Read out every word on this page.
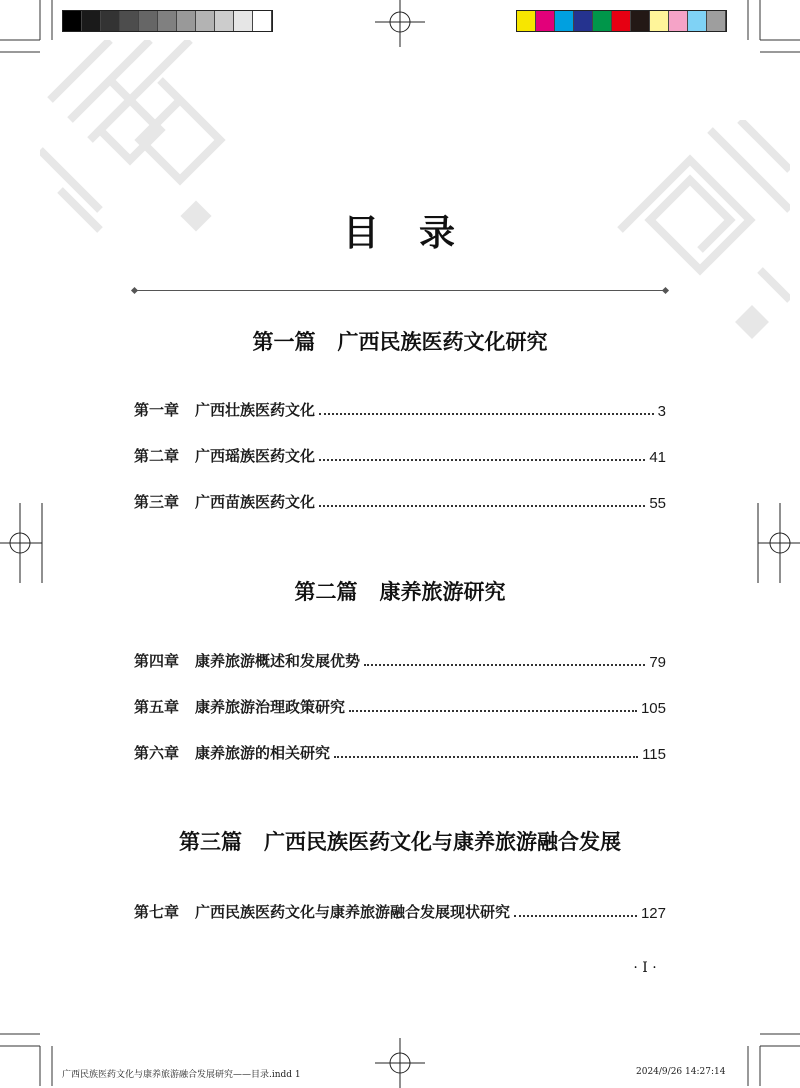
目 录
第一篇 广西民族医药文化研究
第一章 广西壮族医药文化	3
第二章 广西瑶族医药文化	41
第三章 广西苗族医药文化	55
第二篇 康养旅游研究
第四章 康养旅游概述和发展优势	79
第五章 康养旅游治理政策研究	105
第六章 康养旅游的相关研究	115
第三篇 广西民族医药文化与康养旅游融合发展
第七章 广西民族医药文化与康养旅游融合发展现状研究	127
· I ·
广西民族医药文化与康养旅游融合发展研究——目录.indd 1	2024/9/26 14:27:14
